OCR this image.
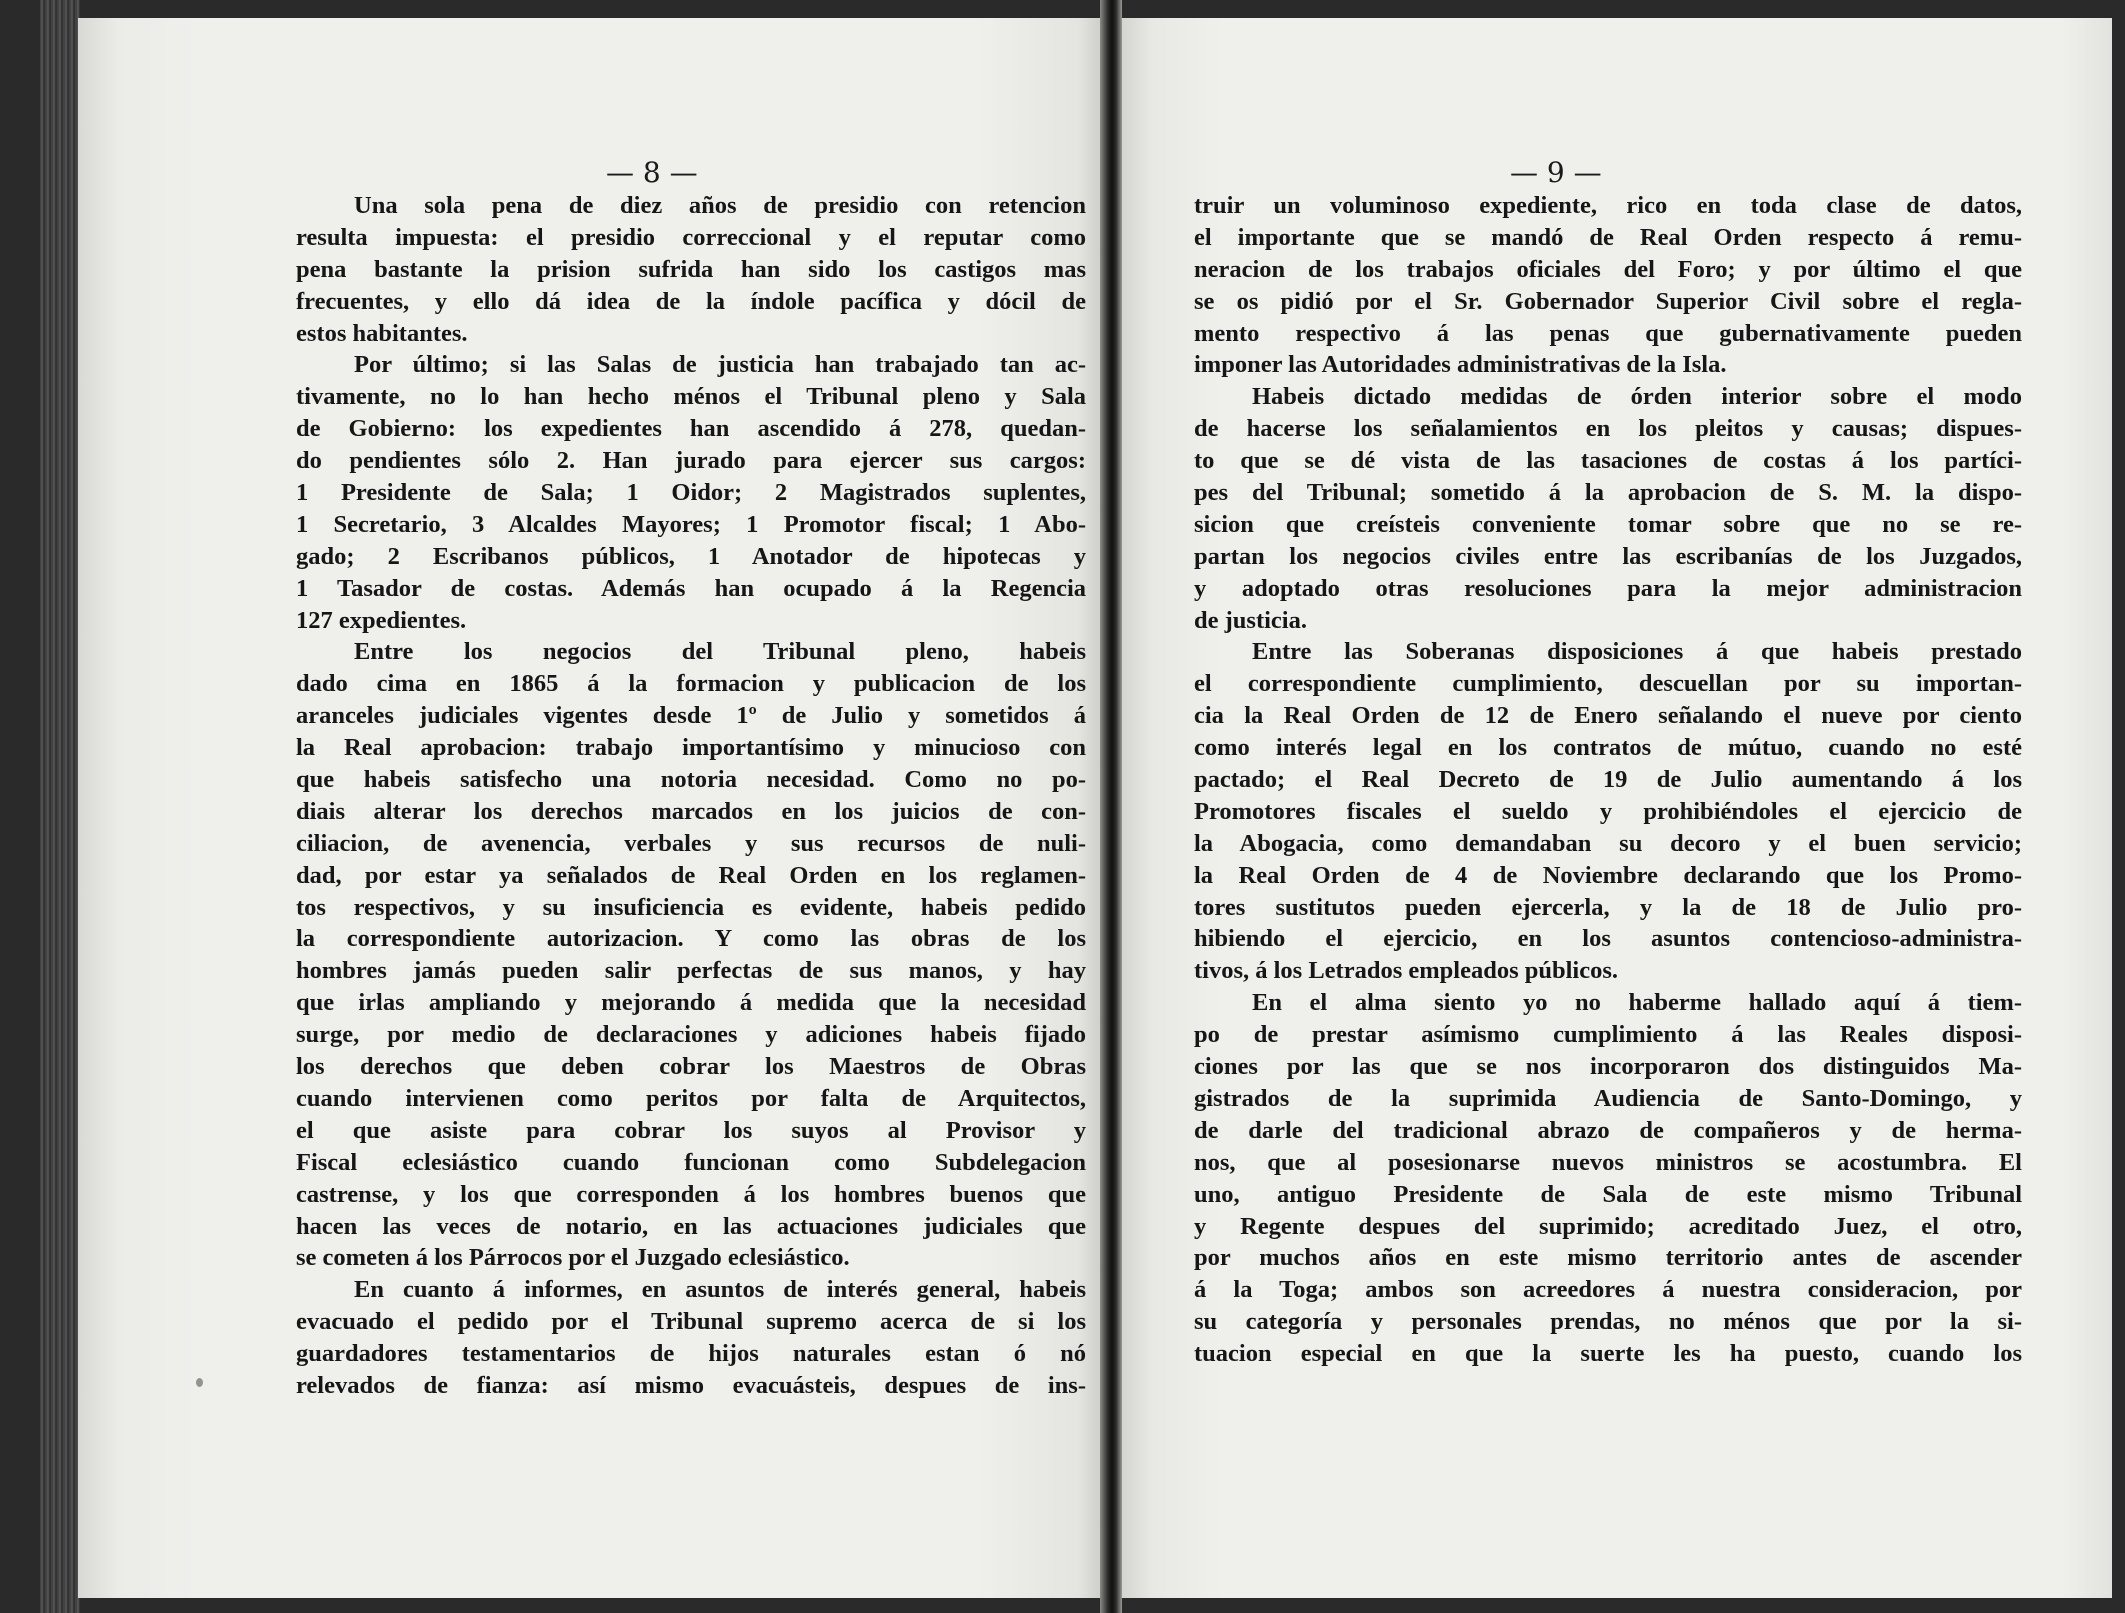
— 8 —
Una sola pena de diez años de presidio con retencion
resulta impuesta: el presidio correccional y el reputar como
pena bastante la prision sufrida han sido los castigos mas
frecuentes, y ello dá idea de la índole pacífica y dócil de
estos habitantes.
Por último; si las Salas de justicia han trabajado tan ac-
tivamente, no lo han hecho ménos el Tribunal pleno y Sala
de Gobierno: los expedientes han ascendido á 278, quedan-
do pendientes sólo 2. Han jurado para ejercer sus cargos:
1 Presidente de Sala; 1 Oidor; 2 Magistrados suplentes,
1 Secretario, 3 Alcaldes Mayores; 1 Promotor fiscal; 1 Abo-
gado; 2 Escribanos públicos, 1 Anotador de hipotecas y
1 Tasador de costas. Además han ocupado á la Regencia
127 expedientes.
Entre los negocios del Tribunal pleno, habeis
dado cima en 1865 á la formacion y publicacion de los
aranceles judiciales vigentes desde 1º de Julio y sometidos á
la Real aprobacion: trabajo importantísimo y minucioso con
que habeis satisfecho una notoria necesidad. Como no po-
diais alterar los derechos marcados en los juicios de con-
ciliacion, de avenencia, verbales y sus recursos de nuli-
dad, por estar ya señalados de Real Orden en los reglamen-
tos respectivos, y su insuficiencia es evidente, habeis pedido
la correspondiente autorizacion. Y como las obras de los
hombres jamás pueden salir perfectas de sus manos, y hay
que irlas ampliando y mejorando á medida que la necesidad
surge, por medio de declaraciones y adiciones habeis fijado
los derechos que deben cobrar los Maestros de Obras
cuando intervienen como peritos por falta de Arquitectos,
el que asiste para cobrar los suyos al Provisor y
Fiscal eclesiástico cuando funcionan como Subdelegacion
castrense, y los que corresponden á los hombres buenos que
hacen las veces de notario, en las actuaciones judiciales que
se cometen á los Párrocos por el Juzgado eclesiástico.
En cuanto á informes, en asuntos de interés general, habeis
evacuado el pedido por el Tribunal supremo acerca de si los
guardadores testamentarios de hijos naturales estan ó nó
relevados de fianza: así mismo evacuásteis, despues de ins-
— 9 —
truir un voluminoso expediente, rico en toda clase de datos,
el importante que se mandó de Real Orden respecto á remu-
neracion de los trabajos oficiales del Foro; y por último el que
se os pidió por el Sr. Gobernador Superior Civil sobre el regla-
mento respectivo á las penas que gubernativamente pueden
imponer las Autoridades administrativas de la Isla.
Habeis dictado medidas de órden interior sobre el modo
de hacerse los señalamientos en los pleitos y causas; dispues-
to que se dé vista de las tasaciones de costas á los partíci-
pes del Tribunal; sometido á la aprobacion de S. M. la dispo-
sicion que creísteis conveniente tomar sobre que no se re-
partan los negocios civiles entre las escribanías de los Juzgados,
y adoptado otras resoluciones para la mejor administracion
de justicia.
Entre las Soberanas disposiciones á que habeis prestado
el correspondiente cumplimiento, descuellan por su importan-
cia la Real Orden de 12 de Enero señalando el nueve por ciento
como interés legal en los contratos de mútuo, cuando no esté
pactado; el Real Decreto de 19 de Julio aumentando á los
Promotores fiscales el sueldo y prohibiéndoles el ejercicio de
la Abogacia, como demandaban su decoro y el buen servicio;
la Real Orden de 4 de Noviembre declarando que los Promo-
tores sustitutos pueden ejercerla, y la de 18 de Julio pro-
hibiendo el ejercicio, en los asuntos contencioso-administra-
tivos, á los Letrados empleados públicos.
En el alma siento yo no haberme hallado aquí á tiem-
po de prestar asímismo cumplimiento á las Reales disposi-
ciones por las que se nos incorporaron dos distinguidos Ma-
gistrados de la suprimida Audiencia de Santo-Domingo, y
de darle del tradicional abrazo de compañeros y de herma-
nos, que al posesionarse nuevos ministros se acostumbra. El
uno, antiguo Presidente de Sala de este mismo Tribunal
y Regente despues del suprimido; acreditado Juez, el otro,
por muchos años en este mismo territorio antes de ascender
á la Toga; ambos son acreedores á nuestra consideracion, por
su categoría y personales prendas, no ménos que por la si-
tuacion especial en que la suerte les ha puesto, cuando los
